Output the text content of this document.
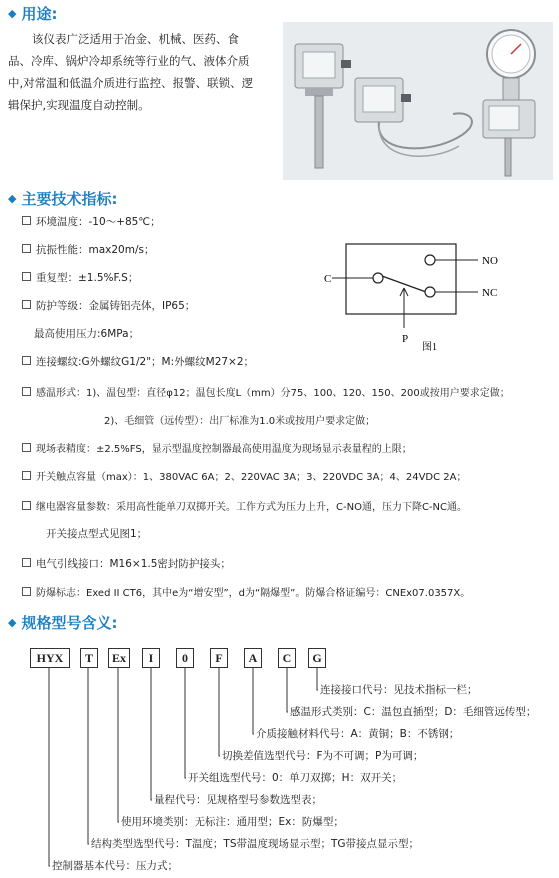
◆ 用途:
该仪表广泛适用于冶金、机械、医药、食
品、冷库、锅炉冷却系统等行业的气、液体介质
中,对常温和低温介质进行监控、报警、联锁、逻
辑保护,实现温度自动控制。
◆ 主要技术指标:
环境温度：-10～+85℃；
抗振性能：max20m/s；
重复型：±1.5%F.S；
防护等级：金属铸铝壳体，IP65；
最高使用压力:6MPa；
连接螺纹:G外螺纹G1/2"；M:外螺纹M27×2；
感温形式：1)、温包型：直径φ12；温包长度L（mm）分75、100、120、150、200或按用户要求定做；
2)、毛细管（远传型）：出厂标准为1.0米或按用户要求定做；
现场表精度：±2.5%FS，显示型温度控制器最高使用温度为现场显示表量程的上限；
开关触点容量（max）：1、380VAC 6A；2、220VAC 3A；3、220VDC 3A；4、24VDC 2A；
继电器容量参数：采用高性能单刀双掷开关。工作方式为压力上升，C-NO通，压力下降C-NC通。
开关接点型式见图1；
电气引线接口：M16×1.5密封防护接头；
防爆标志：Exed II CT6，其中e为“增安型”，d为“隔爆型”。防爆合格证编号：CNEx07.0357X。
C
NO
NC
P
图1
◆ 规格型号含义:
HYX	T	Ex	I	0	F	A	C	G
连接接口代号：见技术指标一栏；
感温形式类别：C：温包直插型；D：毛细管远传型；
介质接触材料代号：A：黄铜；B：不锈钢；
切换差值选型代号：F为不可调；P为可调；
开关组选型代号：0：单刀双掷；H：双开关；
量程代号：见规格型号参数选型表；
使用环境类别：无标注：通用型；Ex：防爆型；
结构类型选型代号：T温度；TS带温度现场显示型；TG带接点显示型；
控制器基本代号：压力式；
